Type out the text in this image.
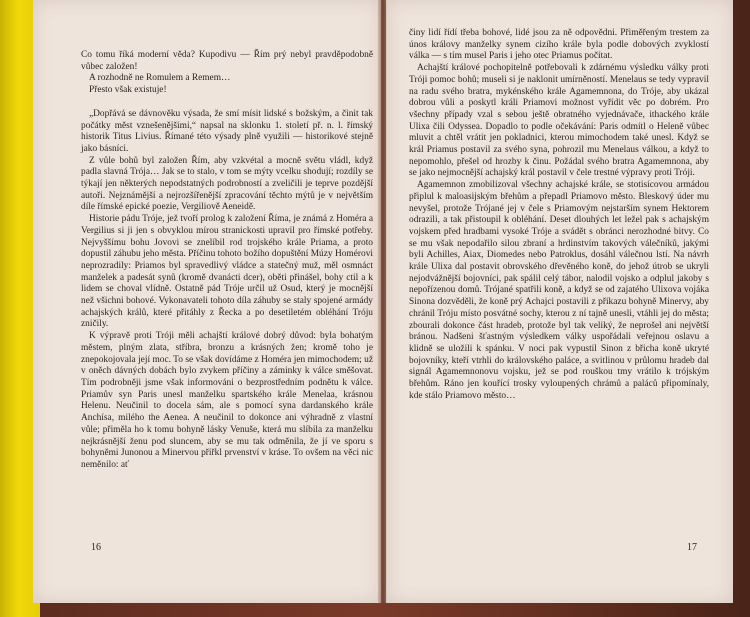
Co tomu říká moderní věda? Kupodivu — Řím prý nebyl pravděpodobně vůbec založen!

A rozhodně ne Romulem a Remem…

Přesto však existuje!

„Dopřává se dávnověku výsada, že smí mísit lidské s božským, a činit tak počátky měst vznešenějšími,“ napsal na sklonku 1. století př. n. l. římský historik Titus Livius. Římané této výsady plně využili — historikové stejně jako básníci.

Z vůle bohů byl založen Řím, aby vzkvétal a mocně světu vládl, když padla slavná Trója… Jak se to stalo, v tom se mýty vcelku shodují; rozdíly se týkají jen některých nepodstatných podrobností a zveličili je teprve pozdější autoři. Nejznámější a nejrozšířenější zpracování těchto mýtů je v největším díle římské epické poezie, Vergiliově Aeneidě.

Historie pádu Tróje, jež tvoří prolog k založení Říma, je známá z Homéra a Vergilius si ji jen s obvyklou mírou stranickosti upravil pro římské potřeby. Nejvyššímu bohu Jovovi se znelíbil rod trojského krále Priama, a proto dopustil záhubu jeho města. Příčinu tohoto božího dopuštění Múzy Homérovi neprozradily: Priamos byl spravedlivý vládce a statečný muž, měl osmnáct manželek a padesát synů (kromě dvanácti dcer), oběti přinášel, bohy ctil a k lidem se choval vlídně. Ostatně pád Tróje určil už Osud, který je mocnější než všichni bohové. Vykonavateli tohoto díla záhuby se staly spojené armády achajských králů, které přitáhly z Řecka a po desetiletém obléhání Tróju zničily.

K výpravě proti Tróji měli achajští králové dobrý důvod: byla bohatým městem, plným zlata, stříbra, bronzu a krásných žen; kromě toho je znepokojovala její moc. To se však dovídáme z Homéra jen mimochodem; už v oněch dávných dobách bylo zvykem příčiny a záminky k válce směšovat. Tím podrobněji jsme však informováni o bezprostředním podnětu k válce. Priamův syn Paris unesl manželku spartského krále Menelaa, krásnou Helenu. Neučinil to docela sám, ale s pomocí syna dardanského krále Anchísa, milého the Aenea. A neučinil to dokonce ani výhradně z vlastní vůle; přiměla ho k tomu bohyně lásky Venuše, která mu slíbila za manželku nejkrásnější ženu pod sluncem, aby se mu tak odměnila, že jí ve sporu s bohyněmi Junonou a Minervou přiřkl prvenství v kráse. To ovšem na věci nic neměnilo: ať

16

činy lidí řídí třeba bohové, lidé jsou za ně odpovědni. Přiměřeným trestem za únos královy manželky synem cizího krále byla podle dobových zvyklostí válka — s tím musel Paris i jeho otec Priamus počítat.

Achajští králové pochopitelně potřebovali k zdárnému výsledku války proti Tróji pomoc bohů; museli si je naklonit umírněností. Menelaus se tedy vypravil na radu svého bratra, mykénského krále Agamemnona, do Tróje, aby ukázal dobrou vůli a poskytl králi Priamovi možnost vyřídit věc po dobrém. Pro všechny případy vzal s sebou ještě obratného vyjednávače, ithackého krále Ulixa čili Odyssea. Dopadlo to podle očekávání: Paris odmítl o Heleně vůbec mluvit a chtěl vrátit jen pokladnici, kterou mimochodem také unesl. Když se král Priamus postavil za svého syna, pohrozil mu Menelaus válkou, a když to nepomohlo, přešel od hrozby k činu. Požádal svého bratra Agamemnona, aby se jako nejmocnější achajský král postavil v čele trestné výpravy proti Tróji.

Agamemnon zmobilizoval všechny achajské krále, se stotisícovou armádou připlul k maloasijským břehům a přepadl Priamovo město. Bleskový úder mu nevyšel, protože Trójané jej v čele s Priamovým nejstarším synem Hektorem odrazili, a tak přistoupil k obléhání. Deset dlouhých let ležel pak s achajským vojskem před hradbami vysoké Tróje a svádět s obránci nerozhodné bitvy. Co se mu však nepodařilo silou zbraní a hrdinstvím takových válečníků, jakými byli Achilles, Aiax, Diomedes nebo Patroklus, dosáhl válečnou lstí. Na návrh krále Ulixa dal postavit obrovského dřevěného koně, do jehož útrob se ukryli nejodvážnější bojovníci, pak spálil celý tábor, nalodil vojsko a odplul jakoby s nepořízenou domů. Trójané spatřili koně, a když se od zajatého Ulixova vojáka Sinona dozvěděli, že koně prý Achajci postavili z příkazu bohyně Minervy, aby chránil Tróju místo posvátné sochy, kterou z ní tajně unesli, vtáhli jej do města; zbourali dokonce část hradeb, protože byl tak veliký, že neprošel ani největší bránou. Nadšeni šťastným výsledkem války uspořádali veřejnou oslavu a klidně se uložili k spánku. V noci pak vypustil Sinon z břicha koně ukryté bojovníky, kteří vtrhli do královského paláce, a svitlinou v průlomu hradeb dal signál Agamemnonovu vojsku, jež se pod rouškou tmy vrátilo k trójským břehům. Ráno jen kouřící trosky vyloupených chrámů a paláců připomínaly, kde stálo Priamovo město…

17
